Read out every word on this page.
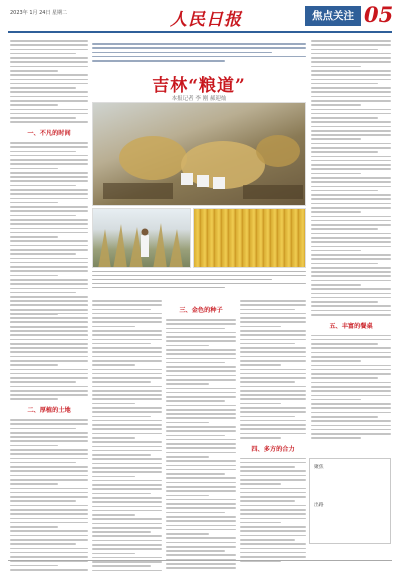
2023年 1月 24日 星期二	人民日报	焦点关注 05
一、不凡的时间
吉林“粮道”
本报记者 李 刚 郝迎灿
五、丰富的餐桌
二、厚植的土地
三、金色的种子
四、多方的合力
聚焦
出路
